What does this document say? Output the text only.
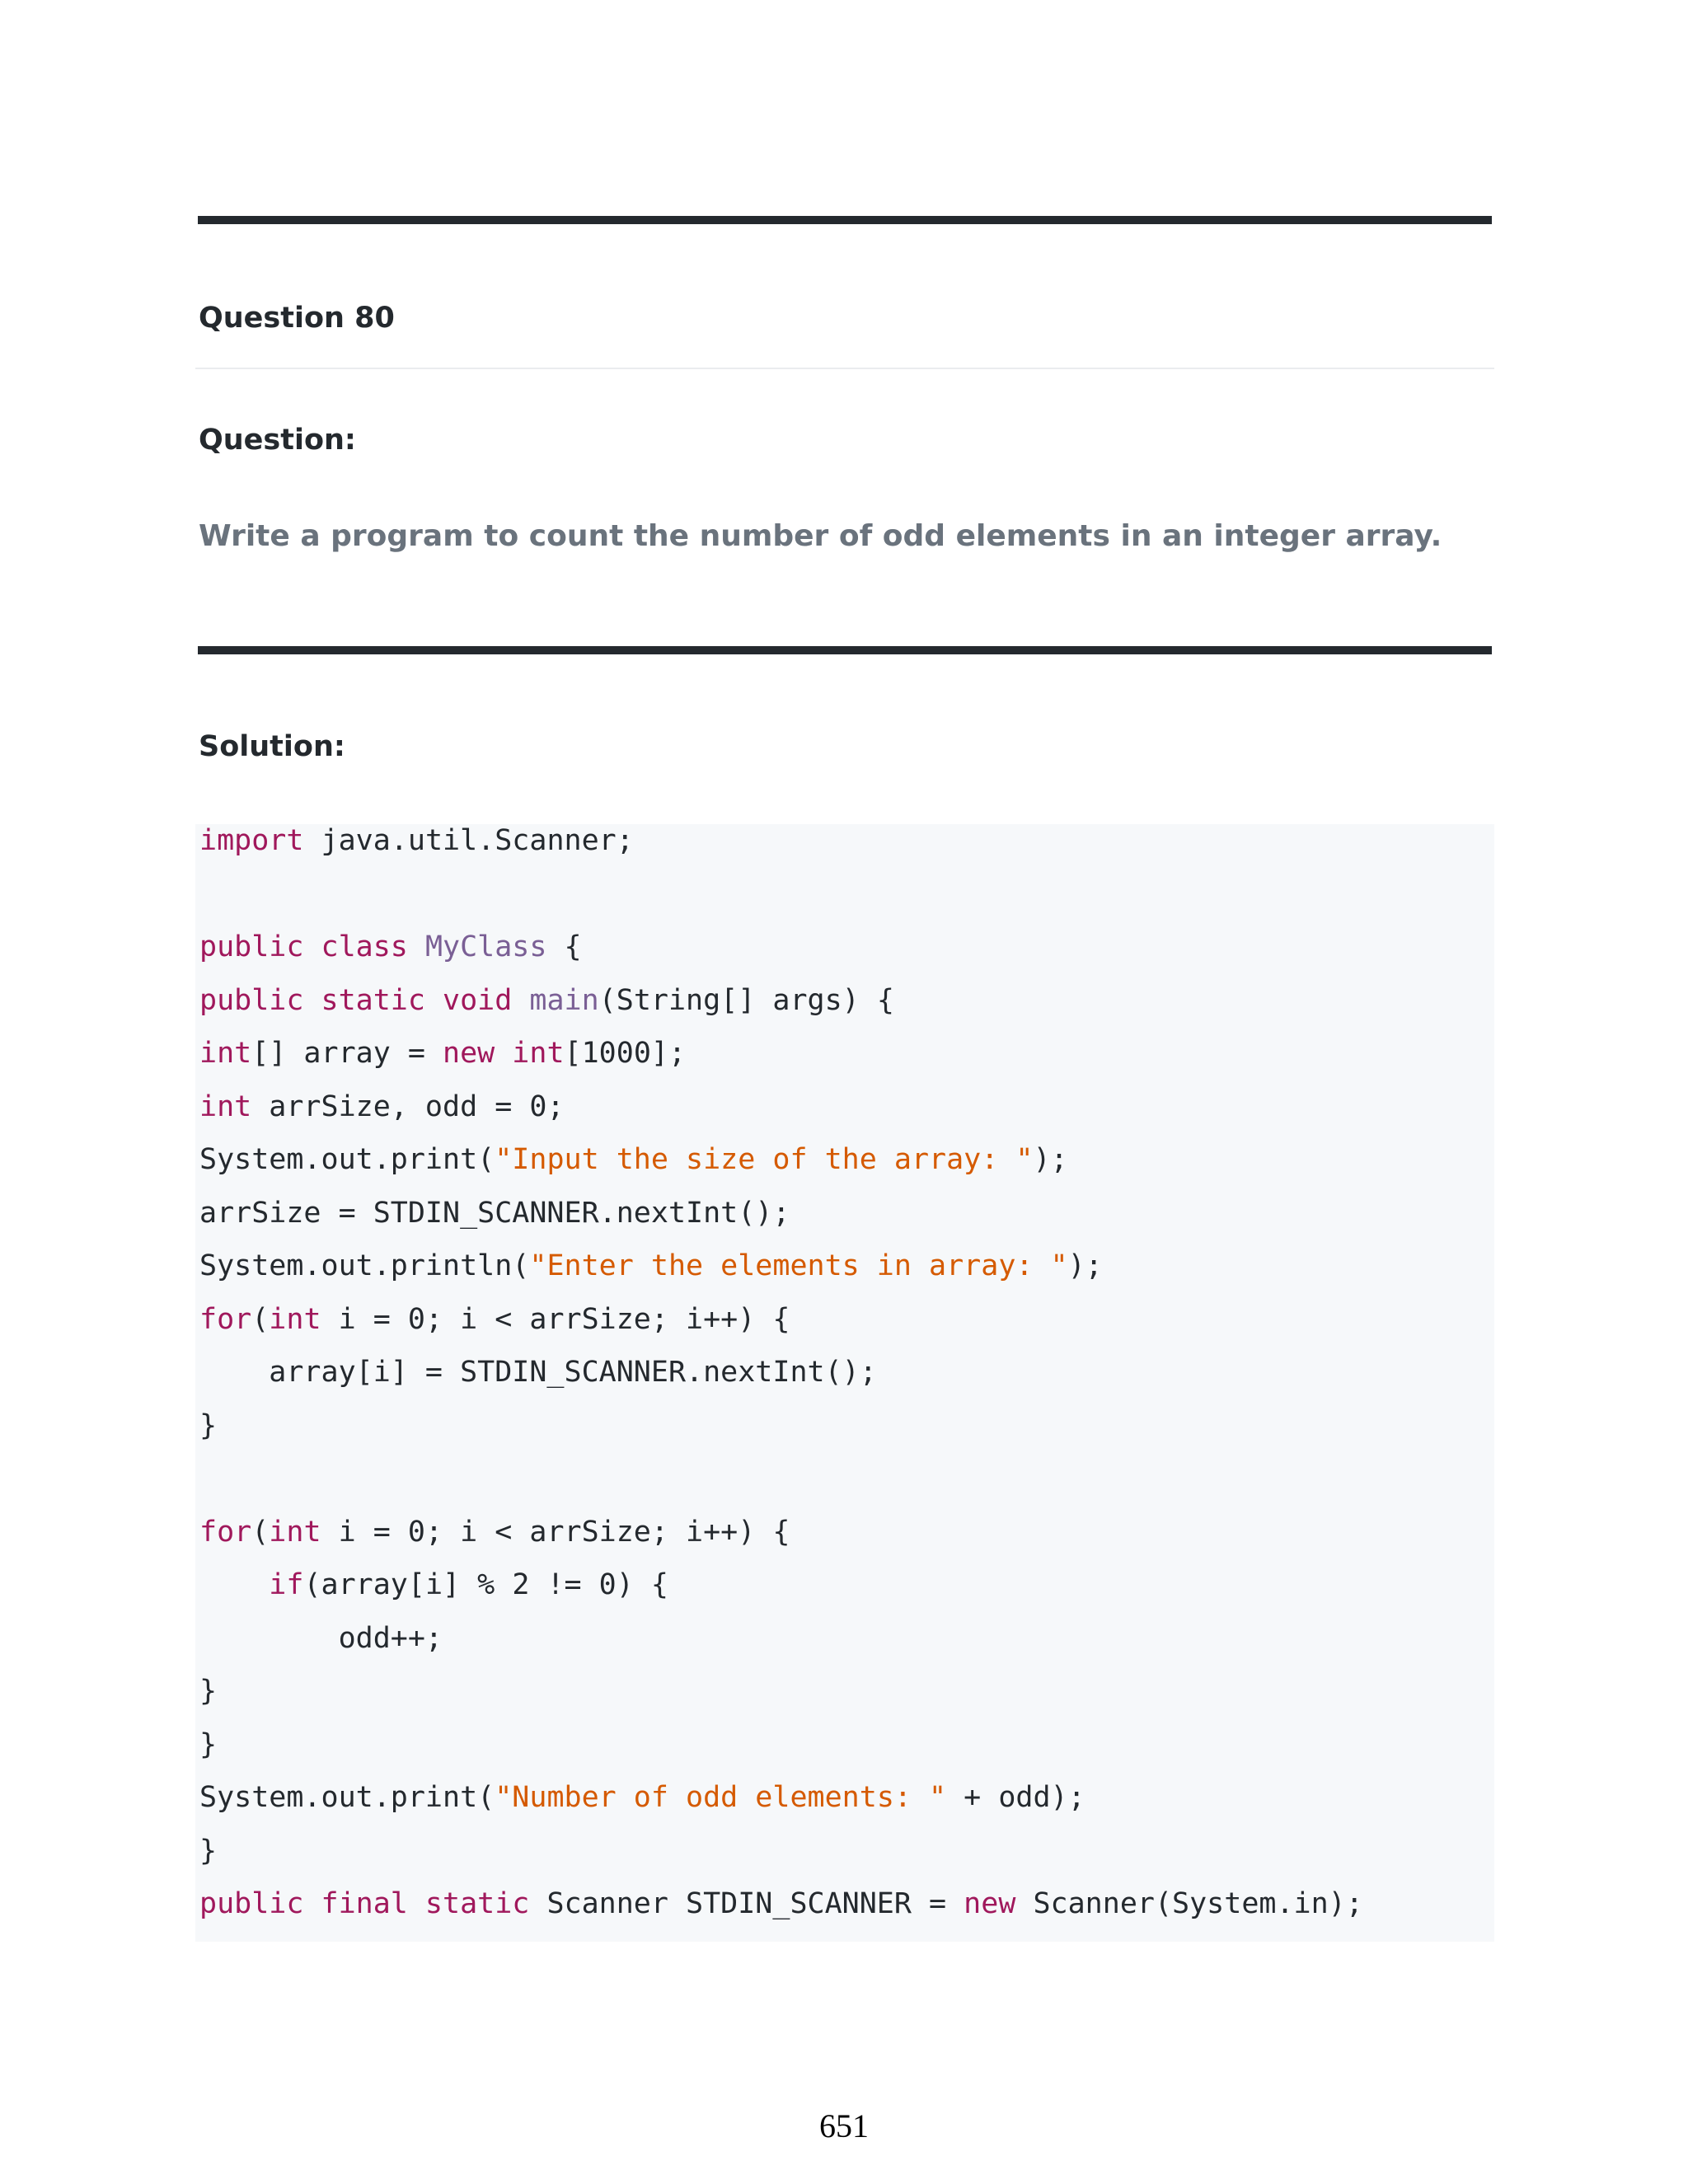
Question 80
Question:
Write a program to count the number of odd elements in an integer array.
Solution:
import java.util.Scanner;
public class MyClass {
public static void main(String[] args) {
int[] array = new int[1000];
int arrSize, odd = 0;
System.out.print("Input the size of the array: ");
arrSize = STDIN_SCANNER.nextInt();
System.out.println("Enter the elements in array: ");
for(int i = 0; i < arrSize; i++) {
array[i] = STDIN_SCANNER.nextInt();
}
for(int i = 0; i < arrSize; i++) {
if(array[i] % 2 != 0) {
odd++;
}
}
System.out.print("Number of odd elements: " + odd);
}
public final static Scanner STDIN_SCANNER = new Scanner(System.in);
651
